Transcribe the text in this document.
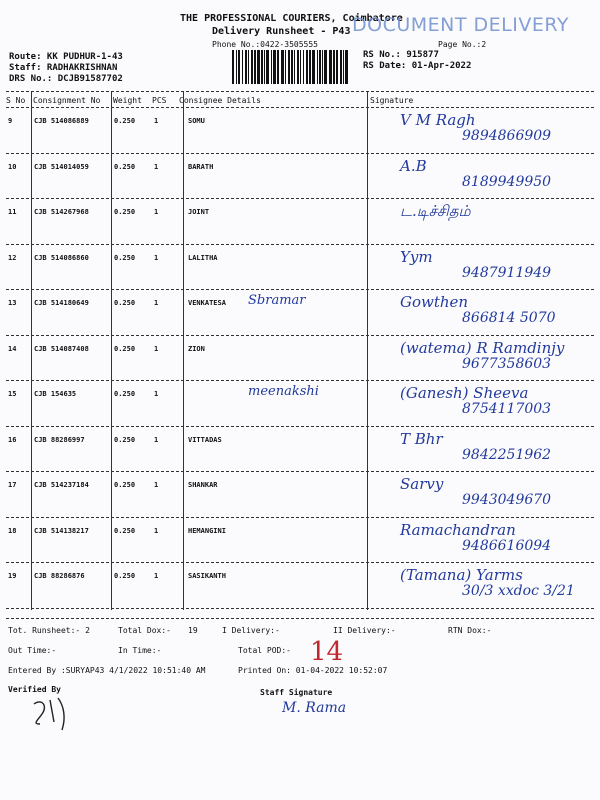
THE PROFESSIONAL COURIERS, Coimbatore
Delivery Runsheet - P43
Phone No.:0422-3505555	Page No.:2
DOCUMENT DELIVERY
Route: KK PUDHUR-1-43
Staff: RADHAKRISHNAN
DRS No.: DCJB91587702
RS No.: 915877
RS Date: 01-Apr-2022
S No Consignment No Weight PCS Consignee Details	Signature
9	CJB 514086889	0.250	1	SOMU	V M Ragh
9894866909
10	CJB 514014059	0.250	1	BARATH	A.B
8189949950
11	CJB 514267968	0.250	1	JOINT	ட.டிச்சிதம்
12	CJB 514086860	0.250	1	LALITHA	Yym
9487911949
13	CJB 514180649	0.250	1	VENKATESA Sbramar	Gowthen
866814 5070
14	CJB 514087408	0.250	1	ZION	(watema) R Ramdinjy
9677358603
15	CJB 154635	0.250	1	meenakshi	(Ganesh) Sheeva
8754117003
16	CJB 88286997	0.250	1	VITTADAS	T Bhr
9842251962
17	CJB 514237184	0.250	1	SHANKAR	Sarvy
9943049670
18	CJB 514138217	0.250	1	HEMANGINI	Ramachandran
9486616094
19	CJB 88286876	0.250	1	SASIKANTH	(Tamana) Yarms
30/3 xxdoc 3/21
Tot. Runsheet:- 2	Total Dox:- 19	I Delivery:-	II Delivery:-	RTN Dox:-
Out Time:-	In Time:-	Total POD:- 14
Entered By :SURYAP43 4/1/2022 10:51:40 AM	Printed On: 01-04-2022 10:52:07
Verified By	Staff Signature
M. Rama
